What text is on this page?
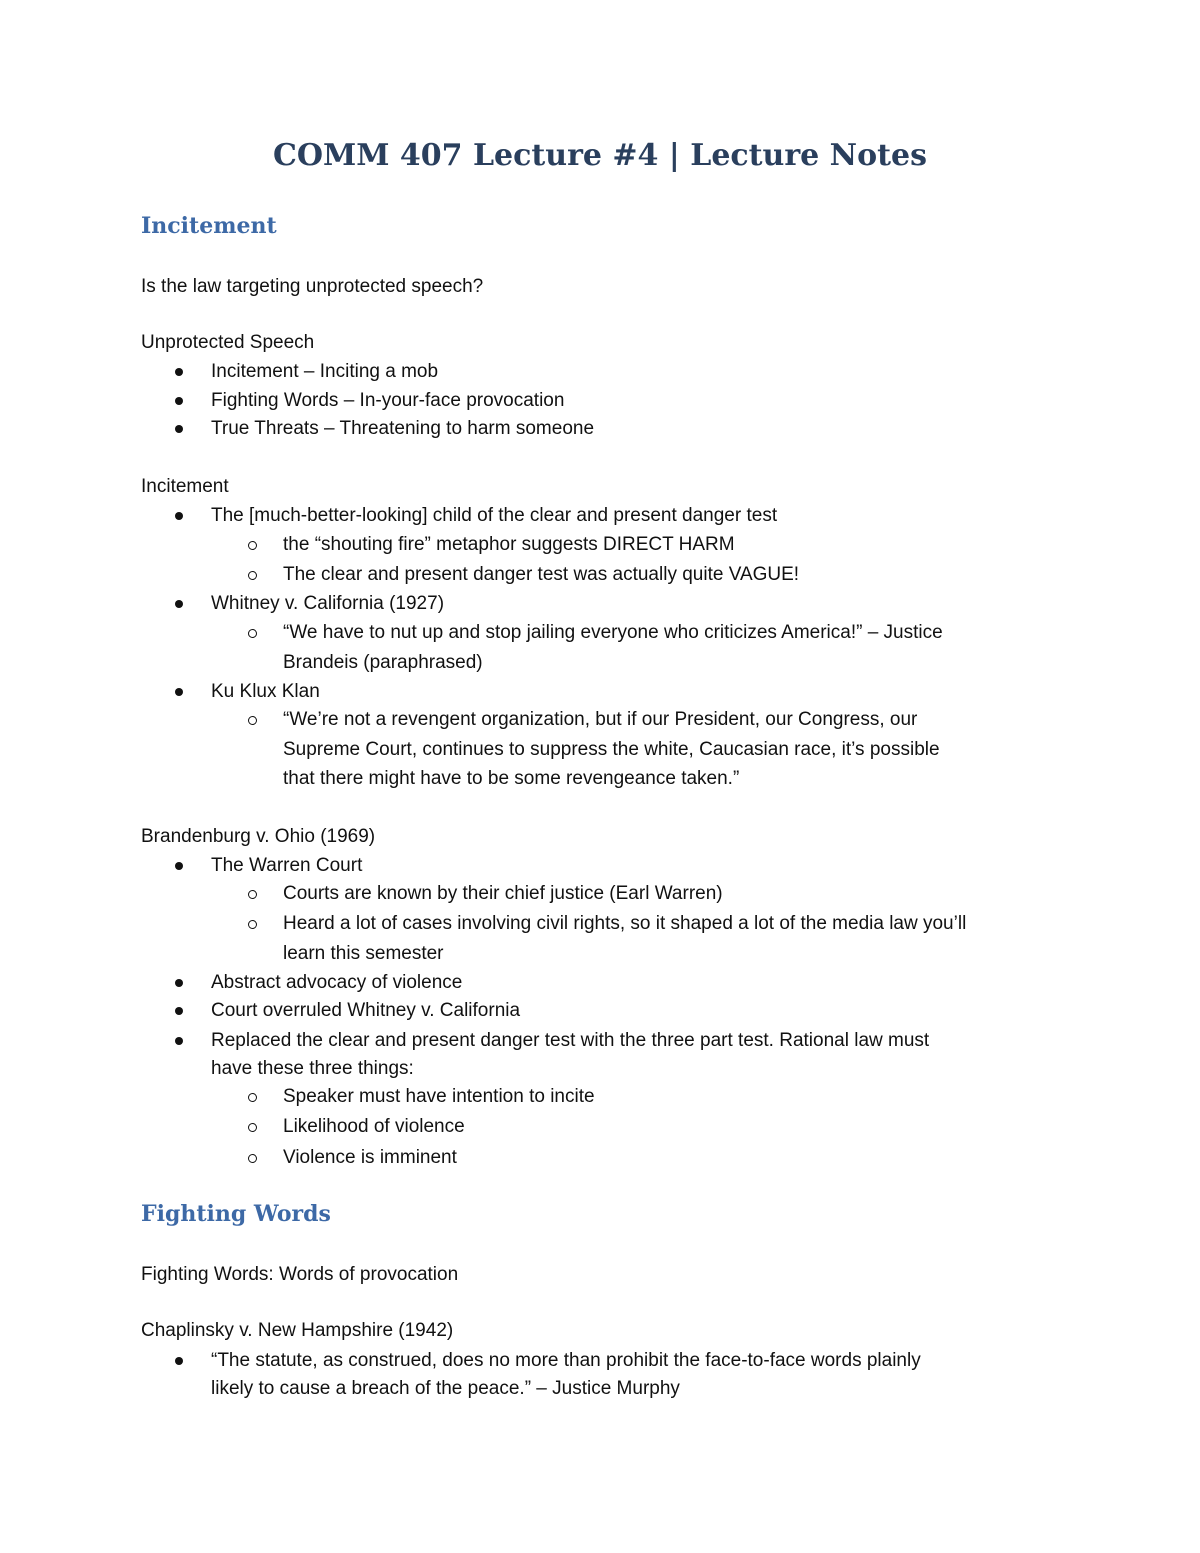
COMM 407 Lecture #4 | Lecture Notes
Incitement
Is the law targeting unprotected speech?
Unprotected Speech
Incitement – Inciting a mob
Fighting Words – In-your-face provocation
True Threats – Threatening to harm someone
Incitement
The [much-better-looking] child of the clear and present danger test
the “shouting fire” metaphor suggests DIRECT HARM
The clear and present danger test was actually quite VAGUE!
Whitney v. California (1927)
“We have to nut up and stop jailing everyone who criticizes America!” – Justice
Brandeis (paraphrased)
Ku Klux Klan
“We’re not a revengent organization, but if our President, our Congress, our
Supreme Court, continues to suppress the white, Caucasian race, it’s possible
that there might have to be some revengeance taken.”
Brandenburg v. Ohio (1969)
The Warren Court
Courts are known by their chief justice (Earl Warren)
Heard a lot of cases involving civil rights, so it shaped a lot of the media law you’ll
learn this semester
Abstract advocacy of violence
Court overruled Whitney v. California
Replaced the clear and present danger test with the three part test. Rational law must
have these three things:
Speaker must have intention to incite
Likelihood of violence
Violence is imminent
Fighting Words
Fighting Words: Words of provocation
Chaplinsky v. New Hampshire (1942)
“The statute, as construed, does no more than prohibit the face-to-face words plainly
likely to cause a breach of the peace.” – Justice Murphy
